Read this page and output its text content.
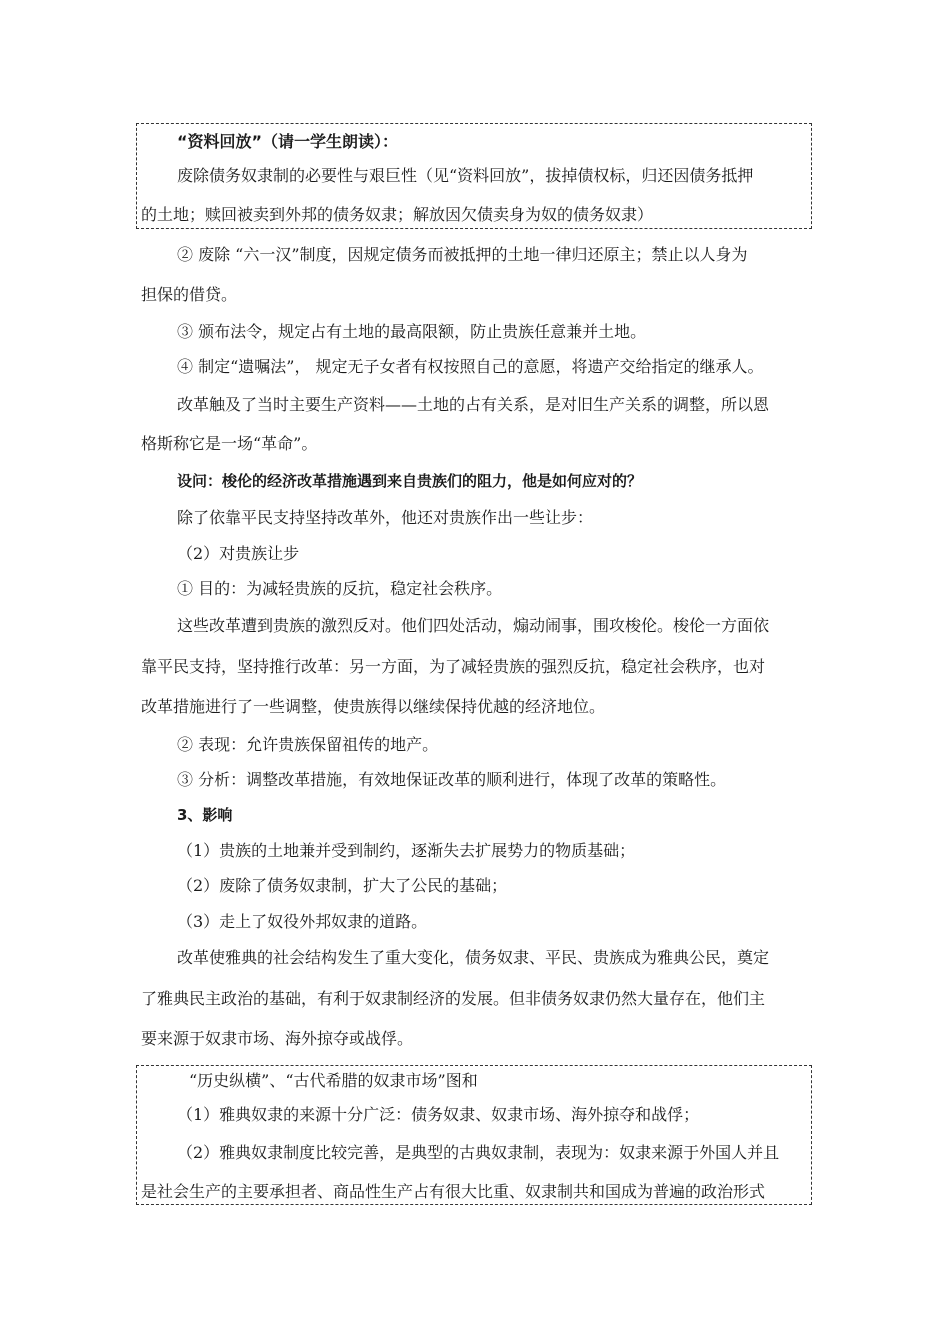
“资料回放”（请一学生朗读）：
废除债务奴隶制的必要性与艰巨性（见“资料回放”，拔掉债权标，归还因债务抵押
的土地；赎回被卖到外邦的债务奴隶；解放因欠债卖身为奴的债务奴隶）
② 废除 “六一汉”制度，因规定债务而被抵押的土地一律归还原主；禁止以人身为
担保的借贷。
③ 颁布法令，规定占有土地的最高限额，防止贵族任意兼并土地。
④ 制定“遗嘱法”， 规定无子女者有权按照自己的意愿，将遗产交给指定的继承人。
改革触及了当时主要生产资料——土地的占有关系，是对旧生产关系的调整，所以恩
格斯称它是一场“革命”。
设问：梭伦的经济改革措施遇到来自贵族们的阻力，他是如何应对的？
除了依靠平民支持坚持改革外，他还对贵族作出一些让步：
（2）对贵族让步
① 目的：为减轻贵族的反抗，稳定社会秩序。
这些改革遭到贵族的激烈反对。他们四处活动，煽动闹事，围攻梭伦。梭伦一方面依
靠平民支持，坚持推行改革：另一方面，为了减轻贵族的强烈反抗，稳定社会秩序，也对
改革措施进行了一些调整，使贵族得以继续保持优越的经济地位。
② 表现：允许贵族保留祖传的地产。
③ 分析：调整改革措施，有效地保证改革的顺利进行，体现了改革的策略性。
3、影响
（1）贵族的土地兼并受到制约，逐渐失去扩展势力的物质基础；
（2）废除了债务奴隶制，扩大了公民的基础；
（3）走上了奴役外邦奴隶的道路。
改革使雅典的社会结构发生了重大变化，债务奴隶、平民、贵族成为雅典公民，奠定
了雅典民主政治的基础，有利于奴隶制经济的发展。但非债务奴隶仍然大量存在，他们主
要来源于奴隶市场、海外掠夺或战俘。
“历史纵横”、“古代希腊的奴隶市场”图和
（1）雅典奴隶的来源十分广泛：债务奴隶、奴隶市场、海外掠夺和战俘；
（2）雅典奴隶制度比较完善，是典型的古典奴隶制，表现为：奴隶来源于外国人并且
是社会生产的主要承担者、商品性生产占有很大比重、奴隶制共和国成为普遍的政治形式
